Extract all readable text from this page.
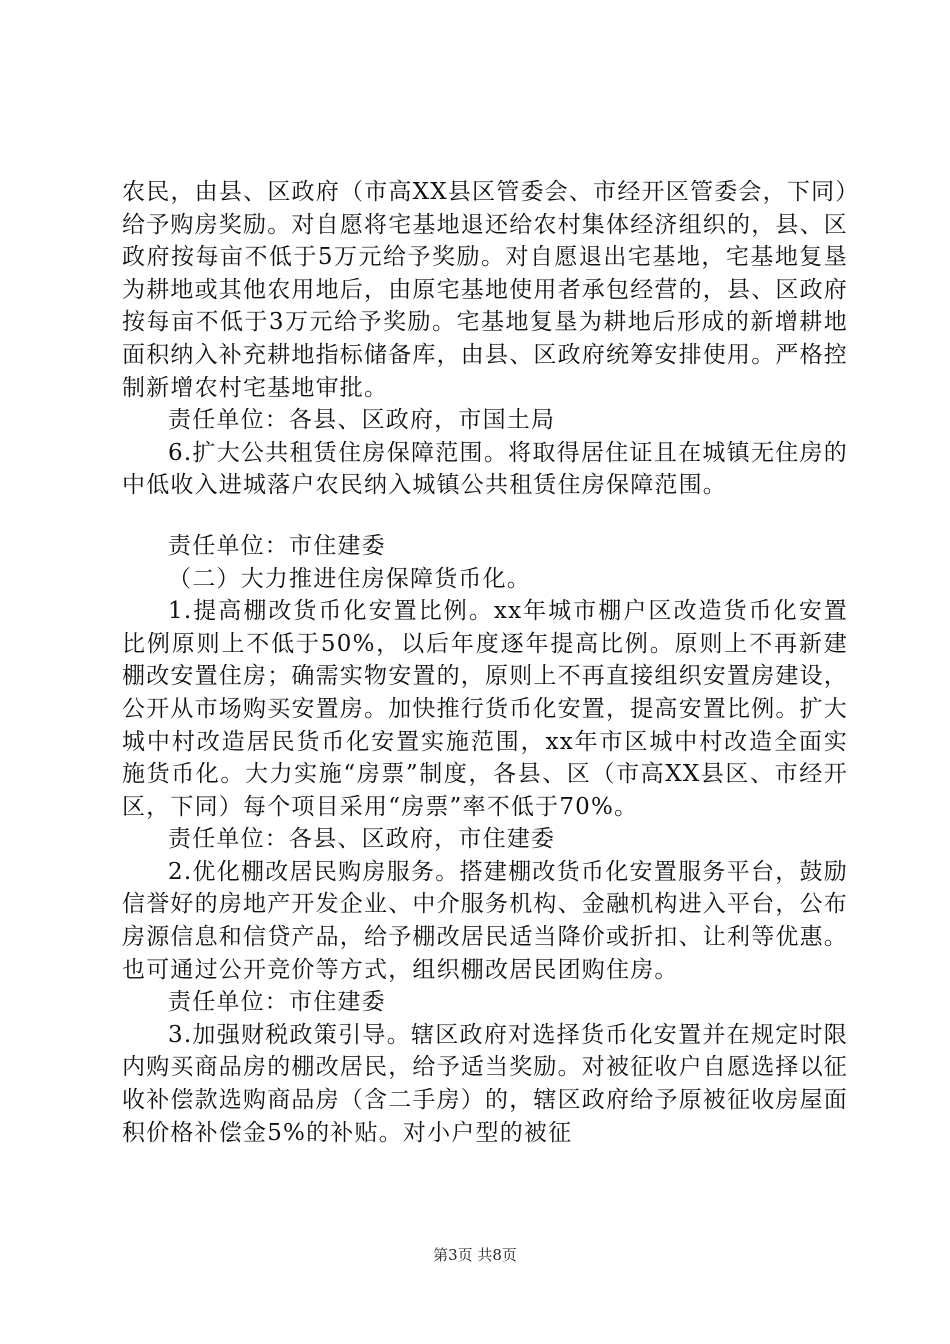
农民，由县、区政府（市高XX县区管委会、市经开区管委会，下同）给予购房奖励。对自愿将宅基地退还给农村集体经济组织的，县、区政府按每亩不低于5万元给予奖励。对自愿退出宅基地，宅基地复垦为耕地或其他农用地后，由原宅基地使用者承包经营的，县、区政府按每亩不低于3万元给予奖励。宅基地复垦为耕地后形成的新增耕地面积纳入补充耕地指标储备库，由县、区政府统筹安排使用。严格控制新增农村宅基地审批。

责任单位：各县、区政府，市国土局

6.扩大公共租赁住房保障范围。将取得居住证且在城镇无住房的中低收入进城落户农民纳入城镇公共租赁住房保障范围。

责任单位：市住建委

（二）大力推进住房保障货币化。

1.提高棚改货币化安置比例。xx年城市棚户区改造货币化安置比例原则上不低于50%，以后年度逐年提高比例。原则上不再新建棚改安置住房；确需实物安置的，原则上不再直接组织安置房建设，公开从市场购买安置房。加快推行货币化安置，提高安置比例。扩大城中村改造居民货币化安置实施范围，xx年市区城中村改造全面实施货币化。大力实施“房票”制度，各县、区（市高XX县区、市经开区，下同）每个项目采用“房票”率不低于70%。

责任单位：各县、区政府，市住建委

2.优化棚改居民购房服务。搭建棚改货币化安置服务平台，鼓励信誉好的房地产开发企业、中介服务机构、金融机构进入平台，公布房源信息和信贷产品，给予棚改居民适当降价或折扣、让利等优惠。也可通过公开竞价等方式，组织棚改居民团购住房。

责任单位：市住建委

3.加强财税政策引导。辖区政府对选择货币化安置并在规定时限内购买商品房的棚改居民，给予适当奖励。对被征收户自愿选择以征收补偿款选购商品房（含二手房）的，辖区政府给予原被征收房屋面积价格补偿金5%的补贴。对小户型的被征

第3页 共8页
